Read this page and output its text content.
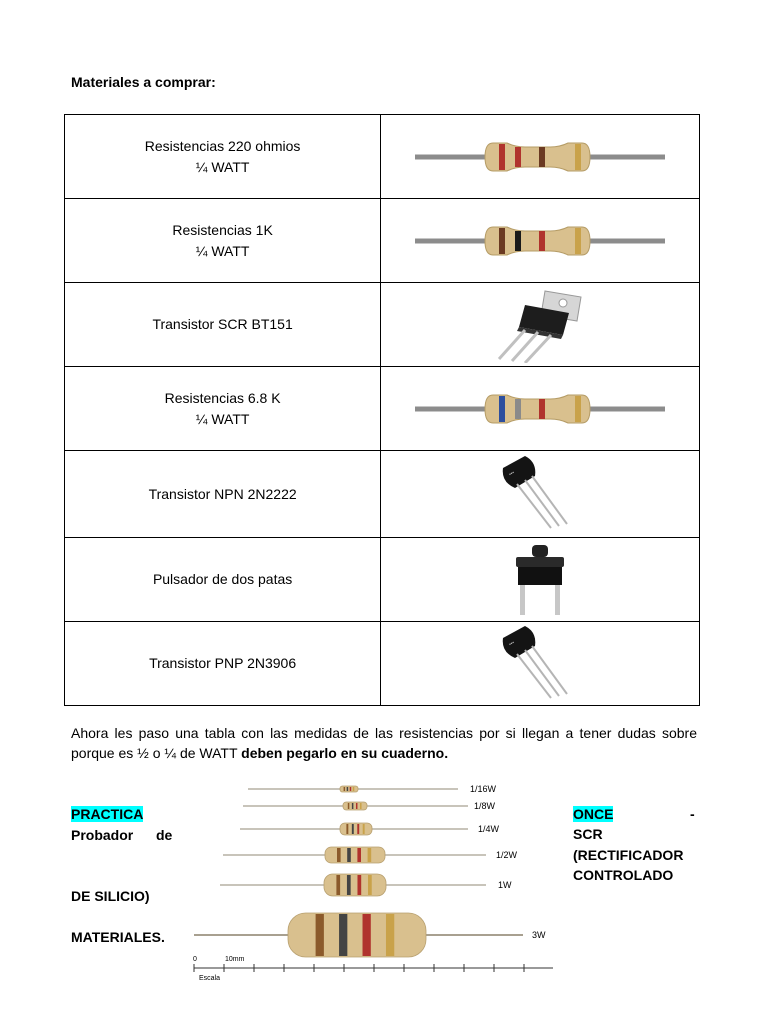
Materiales a comprar:
Resistencias 220 ohmios
¼ WATT

Resistencias 1K
¼ WATT

Transistor SCR BT151

Resistencias 6.8 K
¼ WATT

Transistor NPN 2N2222	▪▪▪

Pulsador de dos patas

Transistor PNP 2N3906	▪▪▪
Ahora les paso una tabla con las medidas de las resistencias por si llegan a tener dudas sobre porque es ½ o ¼ de WATT deben pegarlo en su cuaderno.
PRACTICA
Probador de
DE SILICIO)
MATERIALES.
ONCE	-
SCR
(RECTIFICADOR
CONTROLADO
1/16W
1/8W
1/4W
1/2W
1W
3W
0	10mm
Escala
